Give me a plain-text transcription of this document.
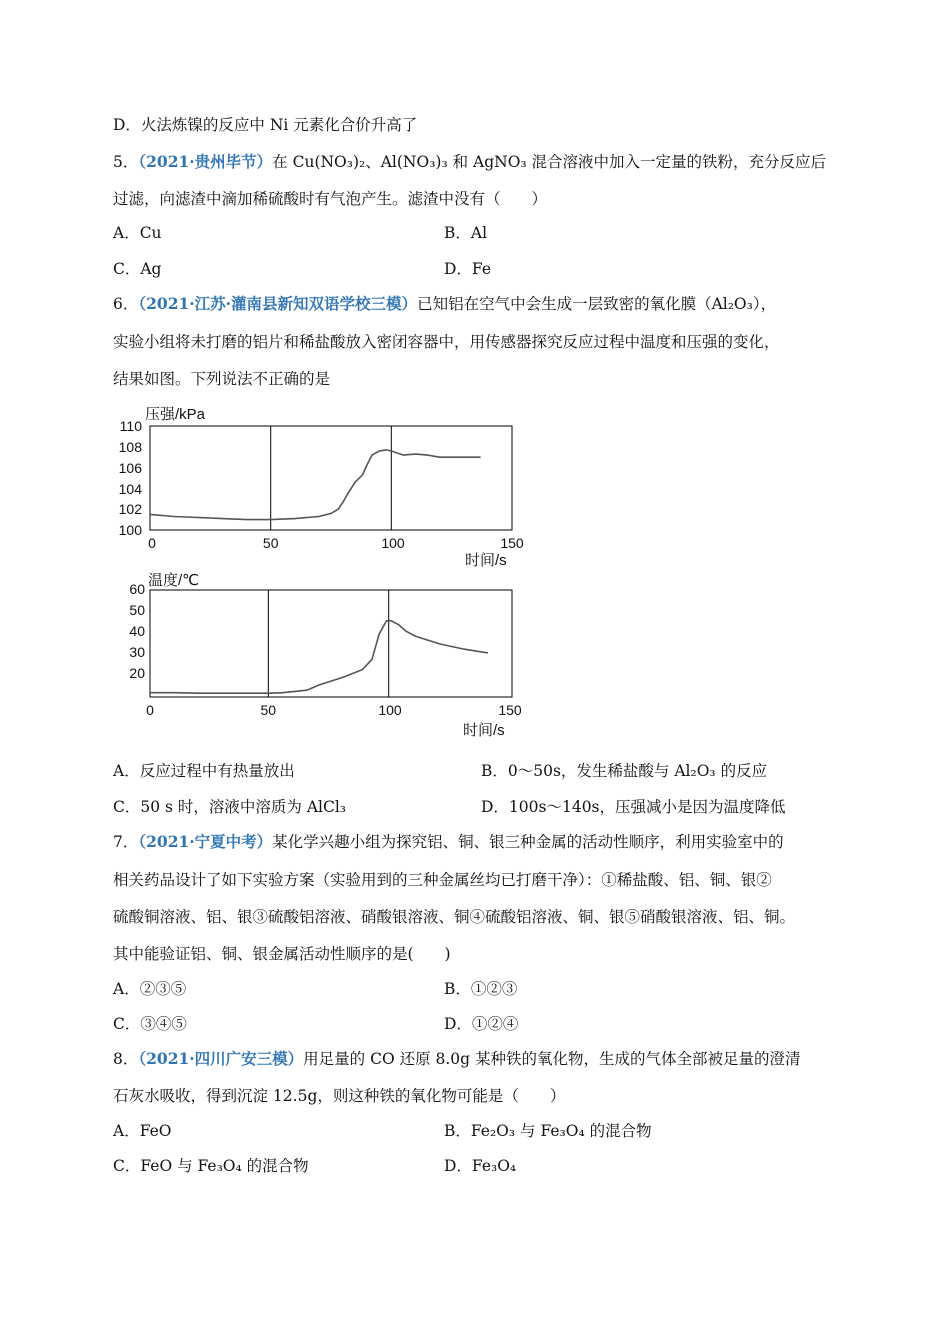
D．火法炼镍的反应中 Ni 元素化合价升高了
5．（2021·贵州毕节）在 Cu(NO₃)₂、Al(NO₃)₃ 和 AgNO₃ 混合溶液中加入一定量的铁粉，充分反应后
过滤，向滤渣中滴加稀硫酸时有气泡产生。滤渣中没有（　　）
A．Cu	B．Al
C．Ag	D．Fe
6．（2021·江苏·灌南县新知双语学校三模）已知铝在空气中会生成一层致密的氧化膜（Al₂O₃），
实验小组将未打磨的铝片和稀盐酸放入密闭容器中，用传感器探究反应过程中温度和压强的变化，
结果如图。下列说法不正确的是
压强/kPa
110
108
106
104
102
100
0	50	100	150
时间/s
温度/℃
60
50
40
30
20
0	50	100	150
时间/s
A．反应过程中有热量放出	B．0～50s，发生稀盐酸与 Al₂O₃ 的反应
C．50 s 时，溶液中溶质为 AlCl₃	D．100s～140s，压强减小是因为温度降低
7．（2021·宁夏中考）某化学兴趣小组为探究铝、铜、银三种金属的活动性顺序，利用实验室中的
相关药品设计了如下实验方案（实验用到的三种金属丝均已打磨干净）：①稀盐酸、铝、铜、银②
硫酸铜溶液、铝、银③硫酸铝溶液、硝酸银溶液、铜④硫酸铝溶液、铜、银⑤硝酸银溶液、铝、铜。
其中能验证铝、铜、银金属活动性顺序的是(　　)
A．②③⑤	B．①②③
C．③④⑤	D．①②④
8．（2021·四川广安三模）用足量的 CO 还原 8.0g 某种铁的氧化物，生成的气体全部被足量的澄清
石灰水吸收，得到沉淀 12.5g，则这种铁的氧化物可能是（　　）
A．FeO	B．Fe₂O₃ 与 Fe₃O₄ 的混合物
C．FeO 与 Fe₃O₄ 的混合物	D．Fe₃O₄
